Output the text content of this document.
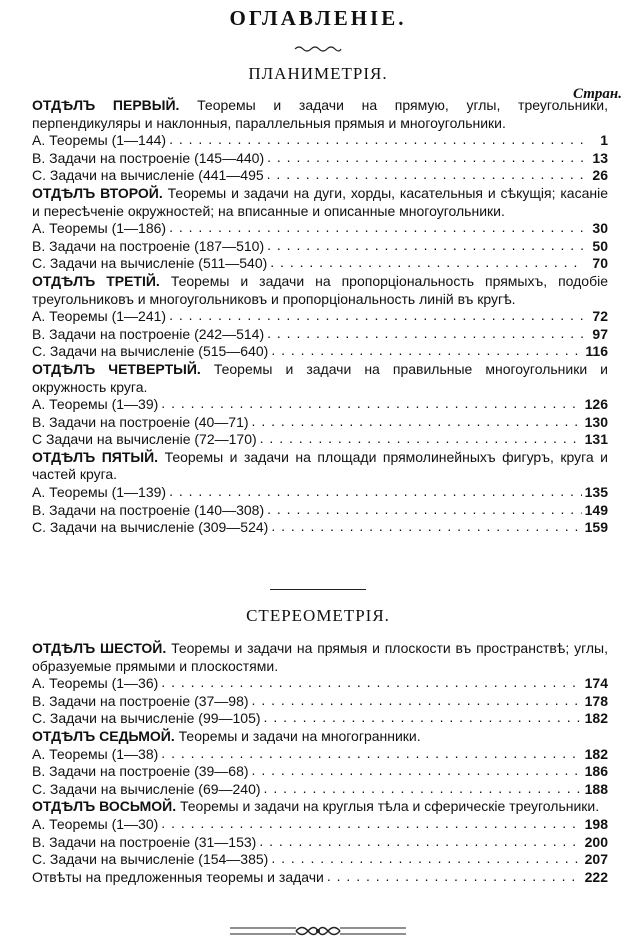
ОГЛАВЛЕНІЕ.
ПЛАНИМЕТРІЯ.
Стран.

ОТДѢЛЪ ПЕРВЫЙ. Теоремы и задачи на прямую, углы, треугольники, перпендикуляры и наклонныя, параллельныя прямыя и многоугольники.

А. Теоремы (1—144) . . .	1
В. Задачи на построеніе (145—440) . . .	13
С. Задачи на вычисленіе (441—495 . . .	26

ОТДѢЛЪ ВТОРОЙ. Теоремы и задачи на дуги, хорды, касательныя и сѣкущія; касаніе и пересѣченіе окружностей; на вписанные и описанные многоугольники.

А. Теоремы (1—186) . . .	30
В. Задачи на построеніе (187—510) . . .	50
С. Задачи на вычисленіе (511—540) . . .	70

ОТДѢЛЪ ТРЕТІЙ. Теоремы и задачи на пропорціональность прямыхъ, подобіе треугольниковъ и многоугольниковъ и пропорціональность линій въ кругѣ.

А. Теоремы (1—241) . . .	72
В. Задачи на построеніе (242—514) . . .	97
С. Задачи на вычисленіе (515—640) . . .	116

ОТДѢЛЪ ЧЕТВЕРТЫЙ. Теоремы и задачи на правильные многоугольники и окружность круга.

А. Теоремы (1—39) . . .	126
В. Задачи на построеніе (40—71) . . .	130
С Задачи на вычисленіе (72—170) . . .	131

ОТДѢЛЪ ПЯТЫЙ. Теоремы и задачи на площади прямолинейныхъ фигуръ, круга и частей круга.

А. Теоремы (1—139) . . .	135
В. Задачи на построеніе (140—308) . . .	149
С. Задачи на вычисленіе (309—524) . . .	159
СТЕРЕОМЕТРІЯ.

ОТДѢЛЪ ШЕСТОЙ. Теоремы и задачи на прямыя и плоскости въ пространствѣ; углы, образуемые прямыми и плоскостями.

А. Теоремы (1—36) . . .	174
В. Задачи на построеніе (37—98) . . .	178
С. Задачи на вычисленіе (99—105) . . .	182

ОТДѢЛЪ СЕДЬМОЙ. Теоремы и задачи на многогранники.

А. Теоремы (1—38) . . .	182
В. Задачи на построеніе (39—68) . . .	186
С. Задачи на вычисленіе (69—240) . . .	188

ОТДѢЛЪ ВОСЬМОЙ. Теоремы и задачи на круглыя тѣла и сферическіе треугольники.

А. Теоремы (1—30) . . .	198
В. Задачи на построеніе (31—153) . . .	200
С. Задачи на вычисленіе (154—385) . . .	207
Отвѣты на предложенныя теоремы и задачи . . .	222
